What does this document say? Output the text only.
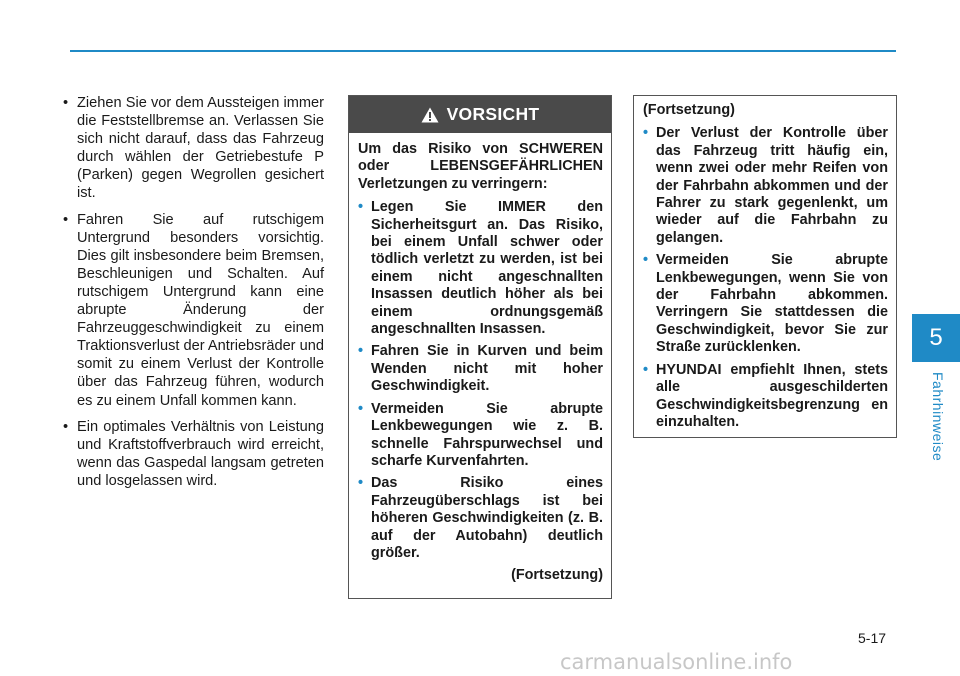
• Ziehen Sie vor dem Aussteigen immer die Feststellbremse an. Verlassen Sie sich nicht darauf, dass das Fahrzeug durch wählen der Getriebestufe P (Parken) gegen Wegrollen gesichert ist.
• Fahren Sie auf rutschigem Untergrund besonders vorsichtig. Dies gilt insbesondere beim Bremsen, Beschleunigen und Schalten. Auf rutschigem Untergrund kann eine abrupte Änderung der Fahrzeuggeschwindigkeit zu einem Traktionsverlust der Antriebsräder und somit zu einem Verlust der Kontrolle über das Fahrzeug führen, wodurch es zu einem Unfall kommen kann.
• Ein optimales Verhältnis von Leistung und Kraftstoffverbrauch wird erreicht, wenn das Gaspedal langsam getreten und losgelassen wird.
VORSICHT
Um das Risiko von SCHWEREN oder LEBENSGEFÄHRLICHEN Verletzungen zu verringern:
• Legen Sie IMMER den Sicherheitsgurt an. Das Risiko, bei einem Unfall schwer oder tödlich verletzt zu werden, ist bei einem nicht angeschnallten Insassen deutlich höher als bei einem ordnungsgemäß angeschnallten Insassen.
• Fahren Sie in Kurven und beim Wenden nicht mit hoher Geschwindigkeit.
• Vermeiden Sie abrupte Lenkbewegungen wie z. B. schnelle Fahrspurwechsel und scharfe Kurvenfahrten.
• Das Risiko eines Fahrzeugüberschlags ist bei höheren Geschwindigkeiten (z. B. auf der Autobahn) deutlich größer.
(Fortsetzung)
(Fortsetzung)
• Der Verlust der Kontrolle über das Fahrzeug tritt häufig ein, wenn zwei oder mehr Reifen von der Fahrbahn abkommen und der Fahrer zu stark gegenlenkt, um wieder auf die Fahrbahn zu gelangen.
• Vermeiden Sie abrupte Lenkbewegungen, wenn Sie von der Fahrbahn abkommen. Verringern Sie stattdessen die Geschwindigkeit, bevor Sie zur Straße zurücklenken.
• HYUNDAI empfiehlt Ihnen, stets alle ausgeschilderten Geschwindigkeitsbegrenzung en einzuhalten.
5
Fahrhinweise
5-17
carmanualsonline.info
